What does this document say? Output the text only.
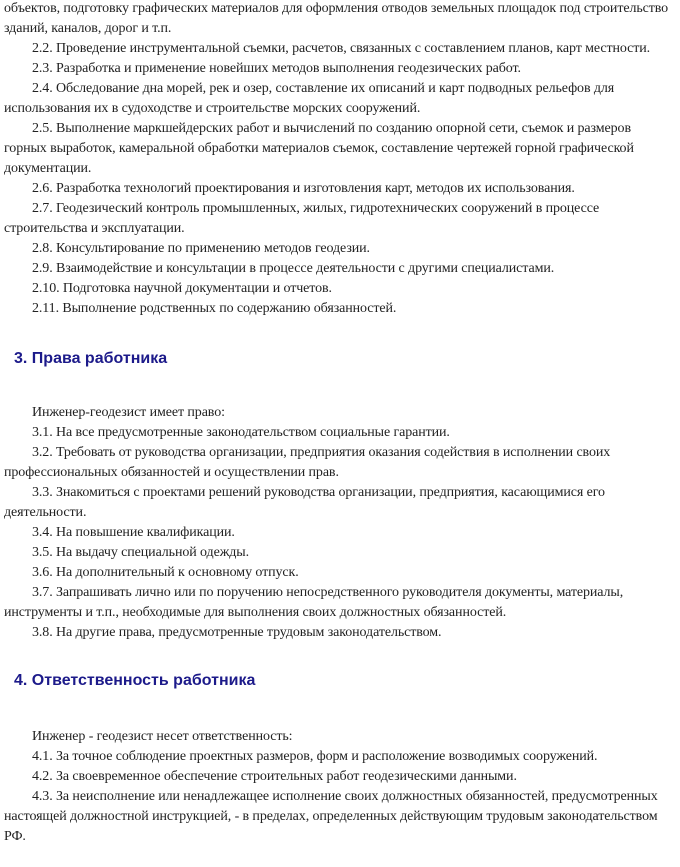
объектов, подготовку графических материалов для оформления отводов земельных площадок под строительство зданий, каналов, дорог и т.п.

2.2. Проведение инструментальной съемки, расчетов, связанных с составлением планов, карт местности.

2.3. Разработка и применение новейших методов выполнения геодезических работ.

2.4. Обследование дна морей, рек и озер, составление их описаний и карт подводных рельефов для использования их в судоходстве и строительстве морских сооружений.

2.5. Выполнение маркшейдерских работ и вычислений по созданию опорной сети, съемок и размеров горных выработок, камеральной обработки материалов съемок, составление чертежей горной графической документации.

2.6. Разработка технологий проектирования и изготовления карт, методов их использования.

2.7. Геодезический контроль промышленных, жилых, гидротехнических сооружений в процессе строительства и эксплуатации.

2.8. Консультирование по применению методов геодезии.

2.9. Взаимодействие и консультации в процессе деятельности с другими специалистами.

2.10. Подготовка научной документации и отчетов.

2.11. Выполнение родственных по содержанию обязанностей.

3. Права работника

Инженер-геодезист имеет право:

3.1. На все предусмотренные законодательством социальные гарантии.

3.2. Требовать от руководства организации, предприятия оказания содействия в исполнении своих профессиональных обязанностей и осуществлении прав.

3.3. Знакомиться с проектами решений руководства организации, предприятия, касающимися его деятельности.

3.4. На повышение квалификации.

3.5. На выдачу специальной одежды.

3.6. На дополнительный к основному отпуск.

3.7. Запрашивать лично или по поручению непосредственного руководителя документы, материалы, инструменты и т.п., необходимые для выполнения своих должностных обязанностей.

3.8. На другие права, предусмотренные трудовым законодательством.

4. Ответственность работника

Инженер - геодезист несет ответственность:

4.1. За точное соблюдение проектных размеров, форм и расположение возводимых сооружений.

4.2. За своевременное обеспечение строительных работ геодезическими данными.

4.3. За неисполнение или ненадлежащее исполнение своих должностных обязанностей, предусмотренных настоящей должностной инструкцией, - в пределах, определенных действующим трудовым законодательством РФ.
